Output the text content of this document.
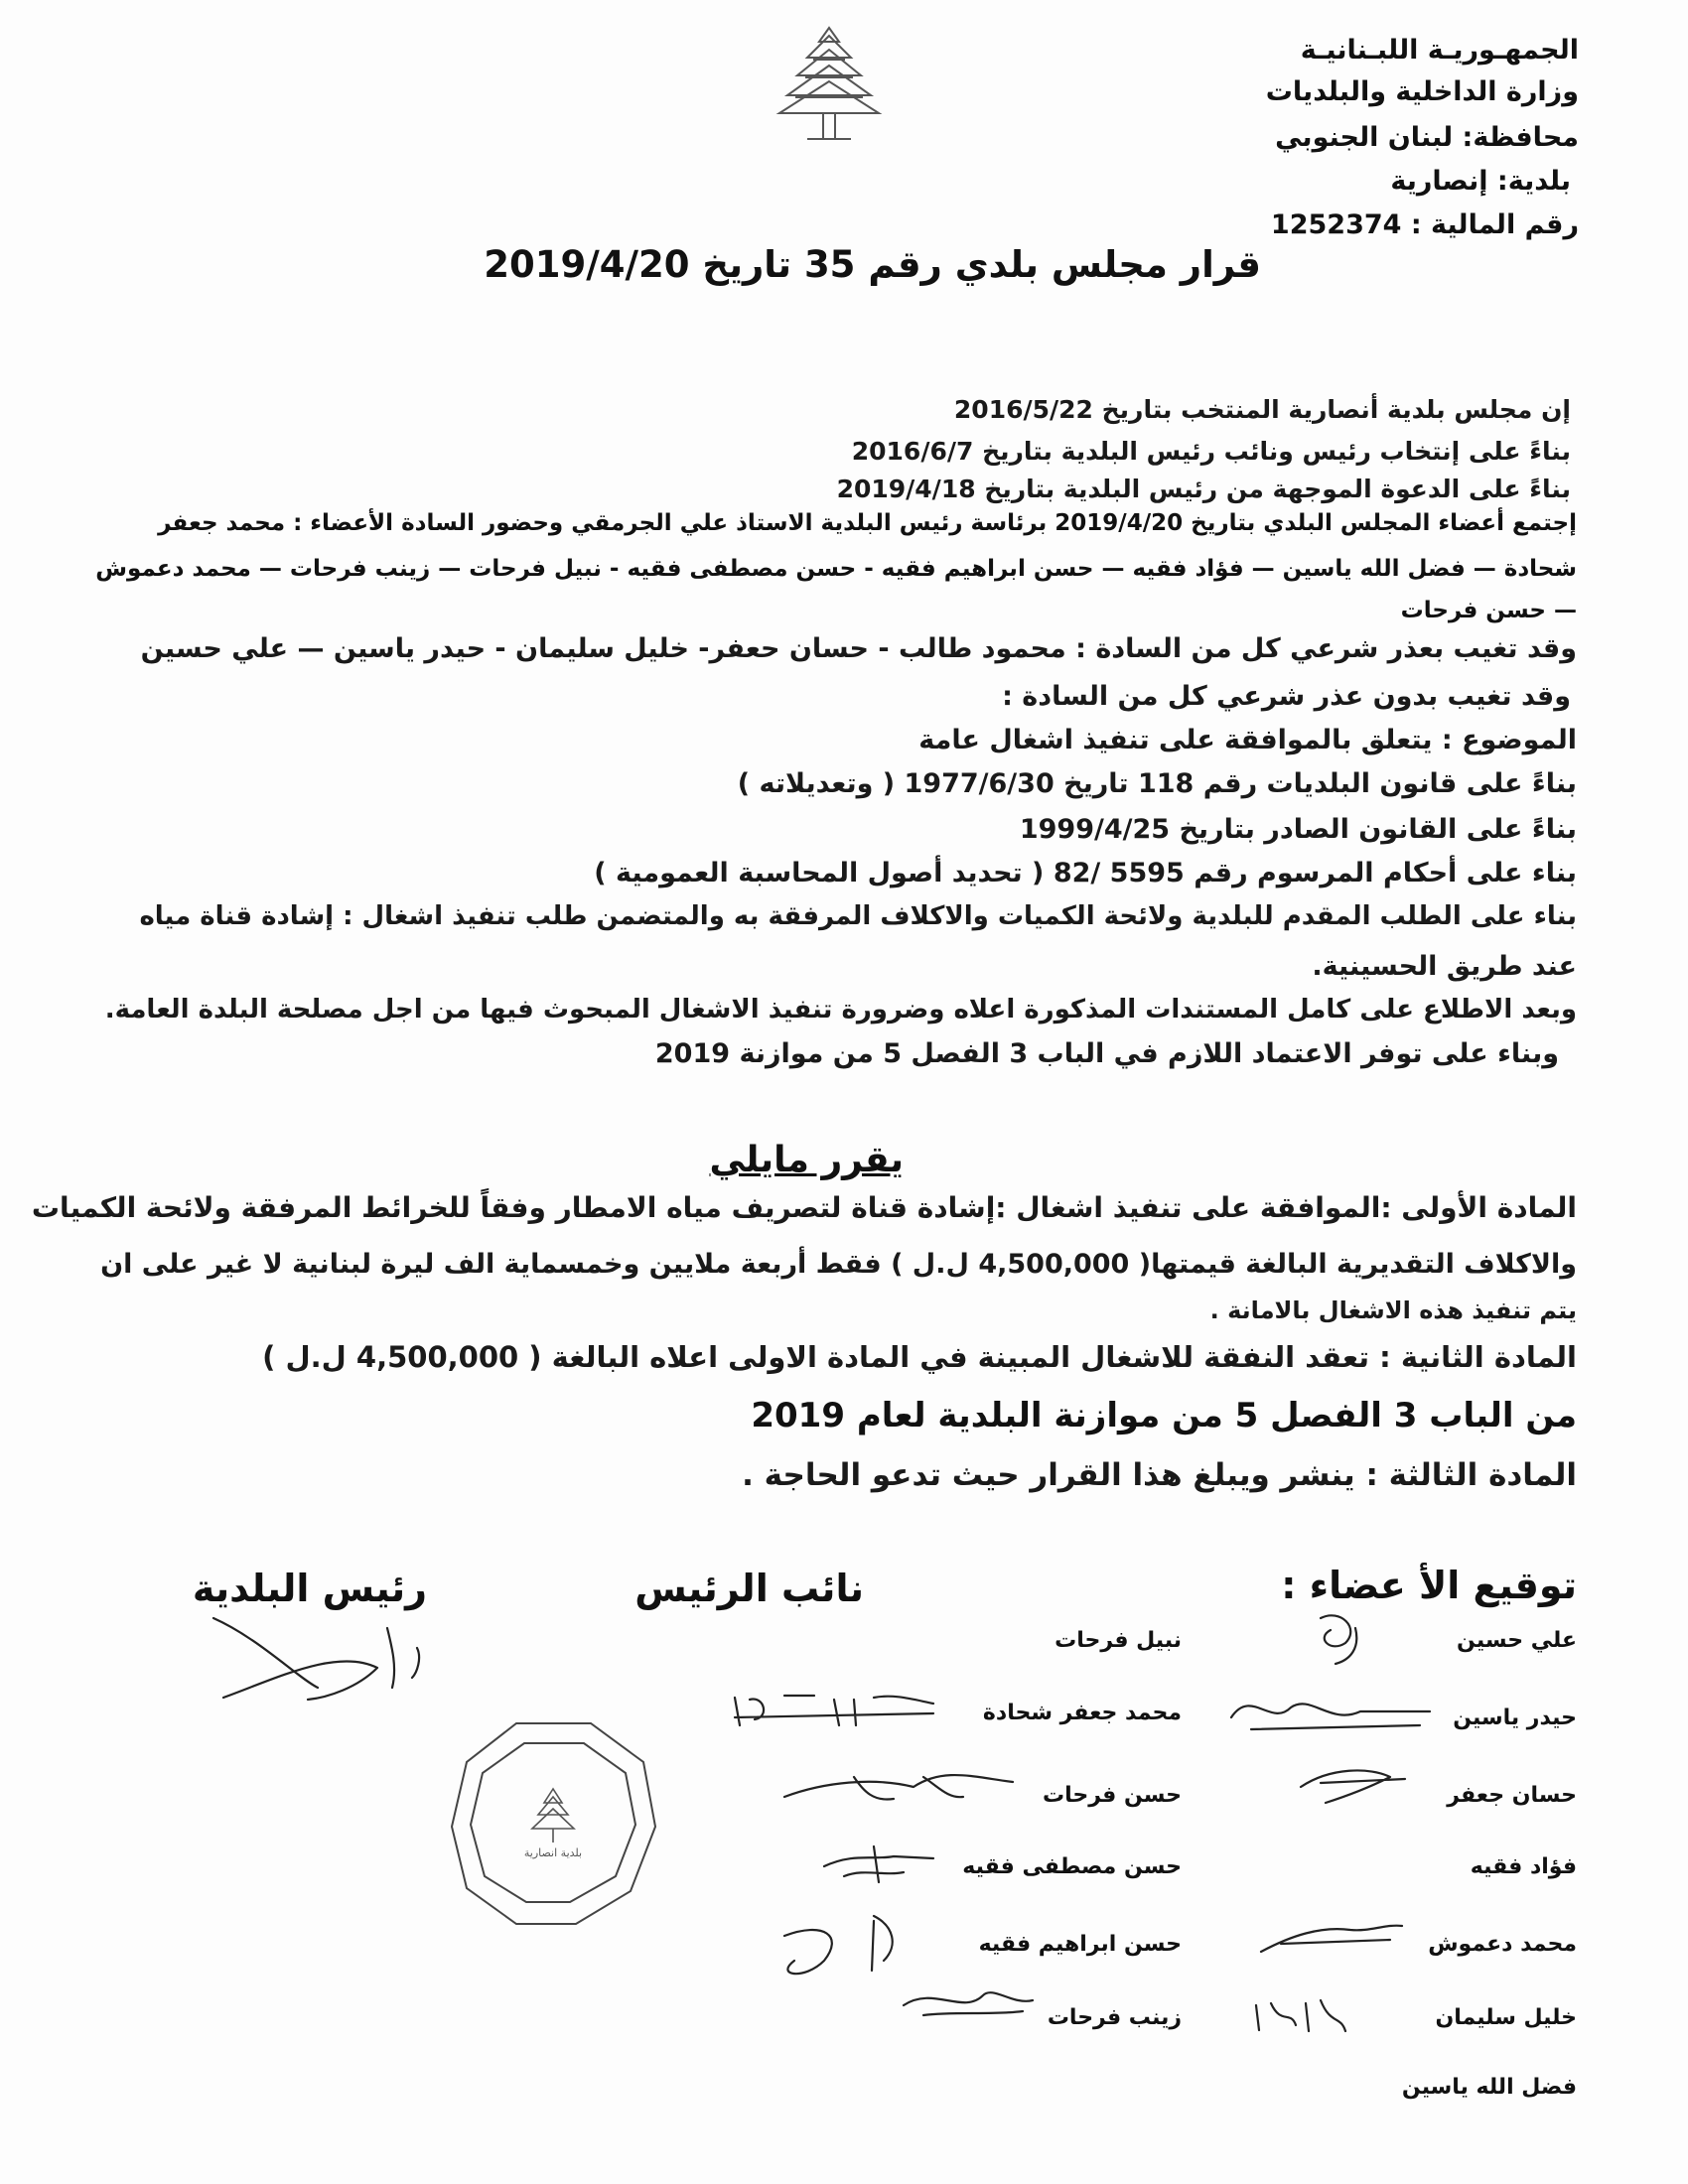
الجمهـوريـة اللبـنانيـة
وزارة الداخلية والبلديات
محافظة: لبنان الجنوبي
بلدية: إنصارية
رقم المالية : 1252374
قرار مجلس بلدي رقم 35 تاريخ 2019/4/20
إن مجلس بلدية أنصارية المنتخب بتاريخ 2016/5/22
بناءً على إنتخاب رئيس ونائب رئيس البلدية بتاريخ 2016/6/7
بناءً على الدعوة الموجهة من رئيس البلدية بتاريخ 2019/4/18
إجتمع أعضاء المجلس البلدي بتاريخ 2019/4/20 برئاسة رئيس البلدية الاستاذ علي الجرمقي وحضور السادة الأعضاء : محمد جعفر
شحادة — فضل الله ياسين — فؤاد فقيه — حسن ابراهيم فقيه - حسن مصطفى فقيه - نبيل فرحات — زينب فرحات — محمد دعموش
— حسن فرحات
وقد تغيب بعذر شرعي كل من السادة : محمود طالب - حسان حعفر- خليل سليمان - حيدر ياسين — علي حسين
وقد تغيب بدون عذر شرعي كل من السادة :
الموضوع : يتعلق بالموافقة على تنفيذ اشغال عامة
بناءً على قانون البلديات رقم 118 تاريخ 1977/6/30 ( وتعديلاته )
بناءً على القانون الصادر بتاريخ 1999/4/25
بناء على أحكام المرسوم رقم 5595 /82 ( تحديد أصول المحاسبة العمومية )
بناء على الطلب المقدم للبلدية ولائحة الكميات والاكلاف المرفقة به والمتضمن طلب تنفيذ اشغال : إشادة قناة مياه
عند طريق الحسينية.
وبعد الاطلاع على كامل المستندات المذكورة اعلاه وضرورة تنفيذ الاشغال المبحوث فيها من اجل مصلحة البلدة العامة.
وبناء على توفر الاعتماد اللازم في الباب 3 الفصل 5 من موازنة 2019
يقرر مايلي
المادة الأولى :الموافقة على تنفيذ اشغال :إشادة قناة لتصريف مياه الامطار وفقاً للخرائط المرفقة ولائحة الكميات
والاكلاف التقديرية البالغة قيمتها( 4,500,000 ل.ل ) فقط أربعة ملايين وخمسماية الف ليرة لبنانية لا غير على ان
يتم تنفيذ هذه الاشغال بالامانة .
المادة الثانية : تعقد النفقة للاشغال المبينة في المادة الاولى اعلاه البالغة ( 4,500,000 ل.ل )
من الباب 3 الفصل 5 من موازنة البلدية لعام 2019
المادة الثالثة : ينشر ويبلغ هذا القرار حيث تدعو الحاجة .
توقيع الأ عضاء :
نائب الرئيس
رئيس البلدية
علي حسين
حيدر ياسين
حسان جعفر
فؤاد فقيه
محمد دعموش
خليل سليمان
فضل الله ياسين
نبيل فرحات
محمد جعفر شحادة
حسن فرحات
حسن مصطفى فقيه
حسن ابراهيم فقيه
زينب فرحات
بلدية انصارية
